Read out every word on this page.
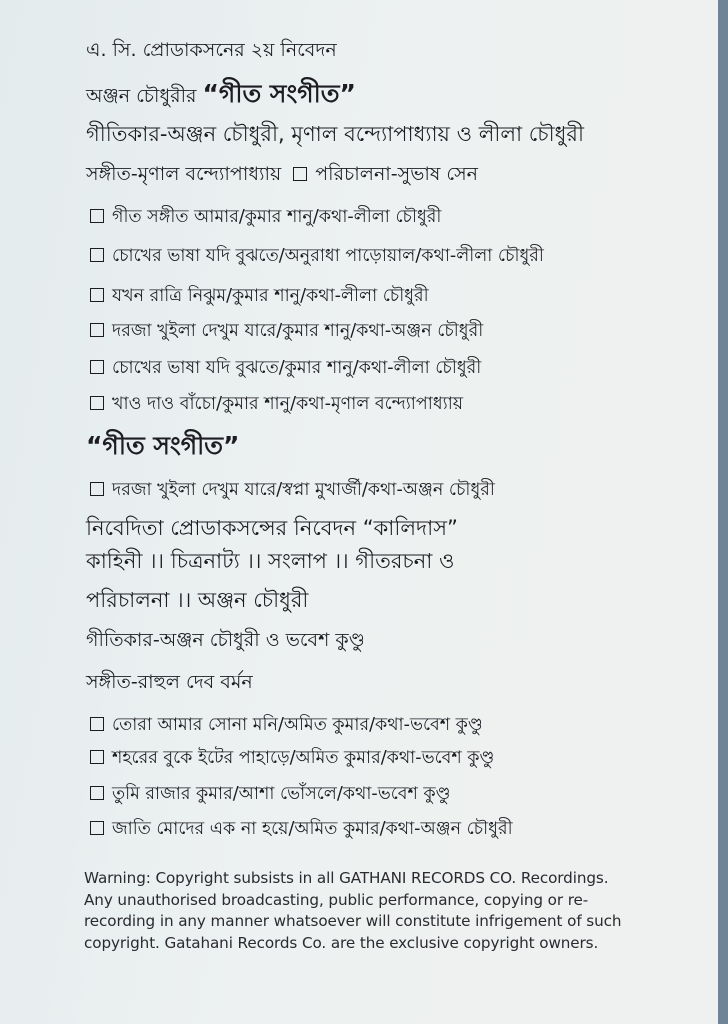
এ. সি. প্রোডাকসনের ২য় নিবেদন
অঞ্জন চৌধুরীর “গীত সংগীত”
গীতিকার-অঞ্জন চৌধুরী, মৃণাল বন্দ্যোপাধ্যায় ও লীলা চৌধুরী
সঙ্গীত-মৃণাল বন্দ্যোপাধ্যায় পরিচালনা-সুভাষ সেন
গীত সঙ্গীত আমার/কুমার শানু/কথা-লীলা চৌধুরী
চোখের ভাষা যদি বুঝতে/অনুরাধা পাড়োয়াল/কথা-লীলা চৌধুরী
যখন রাত্রি নিঝুম/কুমার শানু/কথা-লীলা চৌধুরী
দরজা খুইলা দেখুম যারে/কুমার শানু/কথা-অঞ্জন চৌধুরী
চোখের ভাষা যদি বুঝতে/কুমার শানু/কথা-লীলা চৌধুরী
খাও দাও বাঁচো/কুমার শানু/কথা-মৃণাল বন্দ্যোপাধ্যায়
“গীত সংগীত”
দরজা খুইলা দেখুম যারে/স্বপ্না মুখার্জী/কথা-অঞ্জন চৌধুরী
নিবেদিতা প্রোডাকসন্সের নিবেদন “কালিদাস”
কাহিনী ।। চিত্রনাট্য ।। সংলাপ ।। গীতরচনা ও
পরিচালনা ।। অঞ্জন চৌধুরী
গীতিকার-অঞ্জন চৌধুরী ও ভবেশ কুণ্ডু
সঙ্গীত-রাহুল দেব বর্মন
তোরা আমার সোনা মনি/অমিত কুমার/কথা-ভবেশ কুণ্ডু
শহরের বুকে ইটের পাহাড়ে/অমিত কুমার/কথা-ভবেশ কুণ্ডু
তুমি রাজার কুমার/আশা ভোঁসলে/কথা-ভবেশ কুণ্ডু
জাতি মোদের এক না হয়ে/অমিত কুমার/কথা-অঞ্জন চৌধুরী
Warning: Copyright subsists in all GATHANI RECORDS CO. Recordings. Any unauthorised broadcasting, public performance, copying or re-recording in any manner whatsoever will constitute infrigement of such copyright. Gatahani Records Co. are the exclusive copyright owners.
